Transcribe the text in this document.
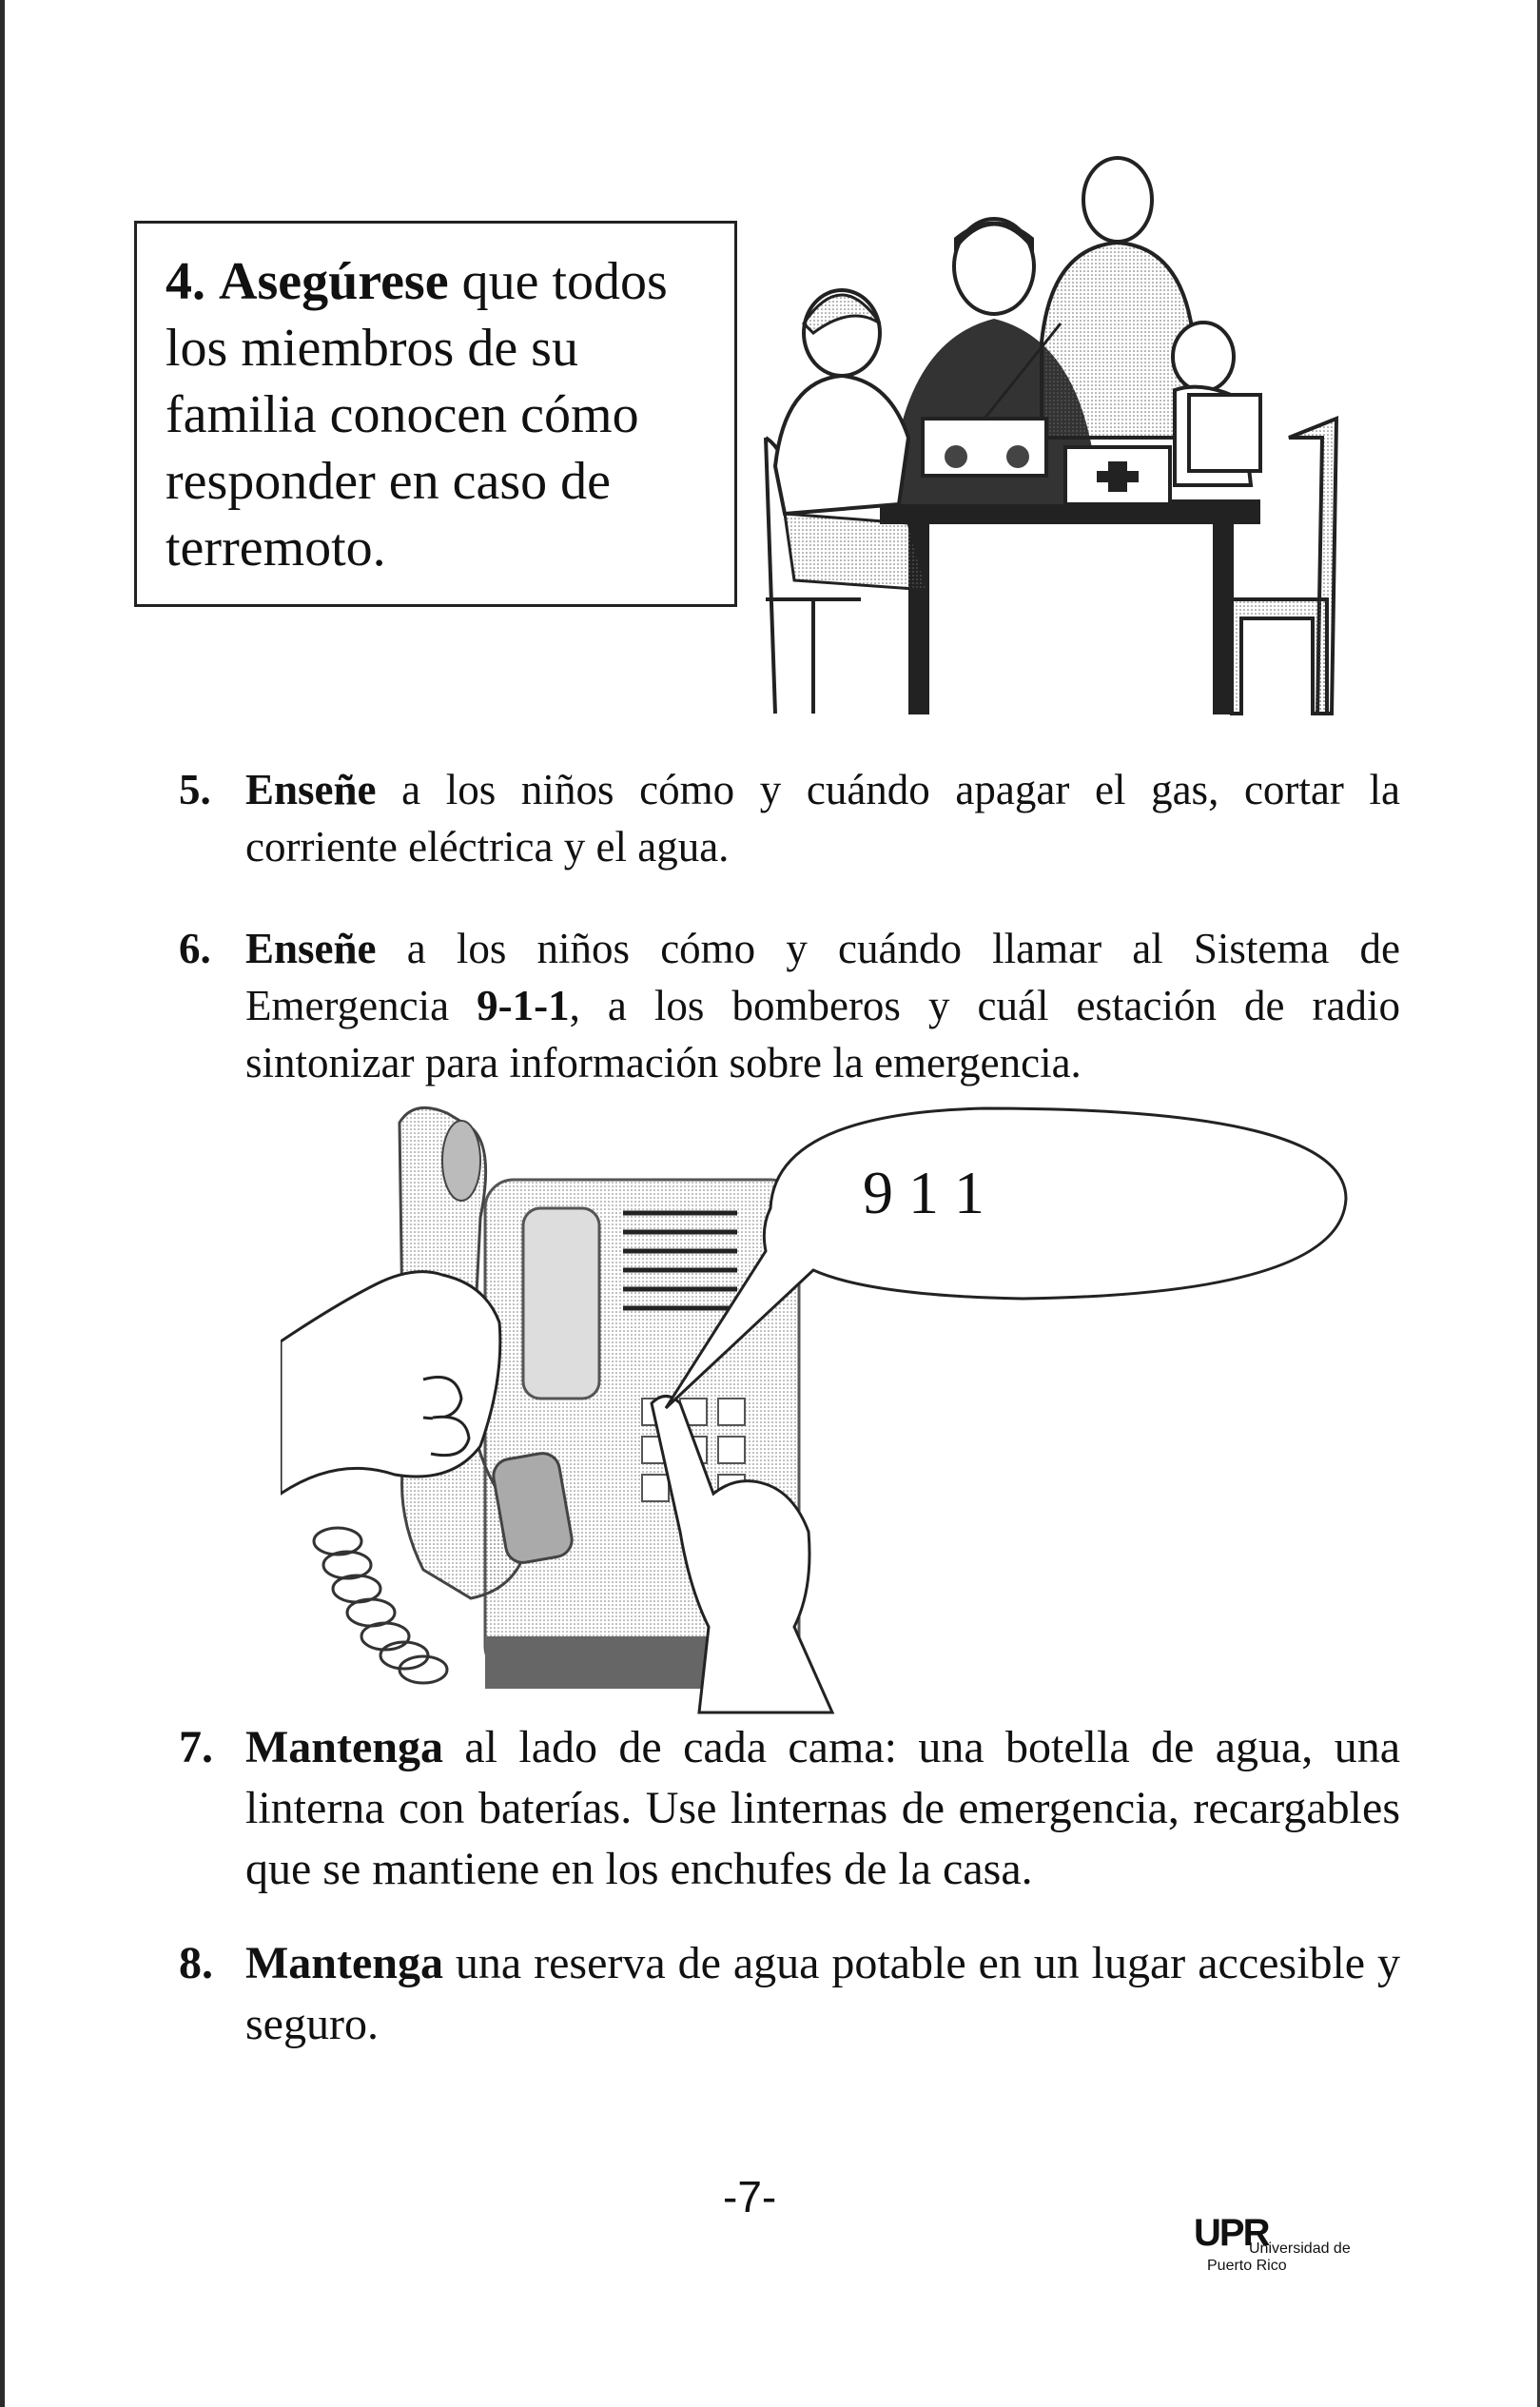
4. Asegúrese que todos los miembros de su familia conocen cómo responder en caso de terremoto.

5. Enseñe a los niños cómo y cuándo apagar el gas, cortar la corriente eléctrica y el agua.
6. Enseñe a los niños cómo y cuándo llamar al Sistema de Emergencia 9-1-1, a los bomberos y cuál estación de radio sintonizar para información sobre la emergencia.
9 1 1
7. Mantenga al lado de cada cama: una botella de agua, una linterna con baterías. Use linternas de emergencia, recargables que se mantiene en los enchufes de la casa.
8. Mantenga una reserva de agua potable en un lugar accesible y seguro.
-7-
UPR
Universidad de
Puerto Rico
